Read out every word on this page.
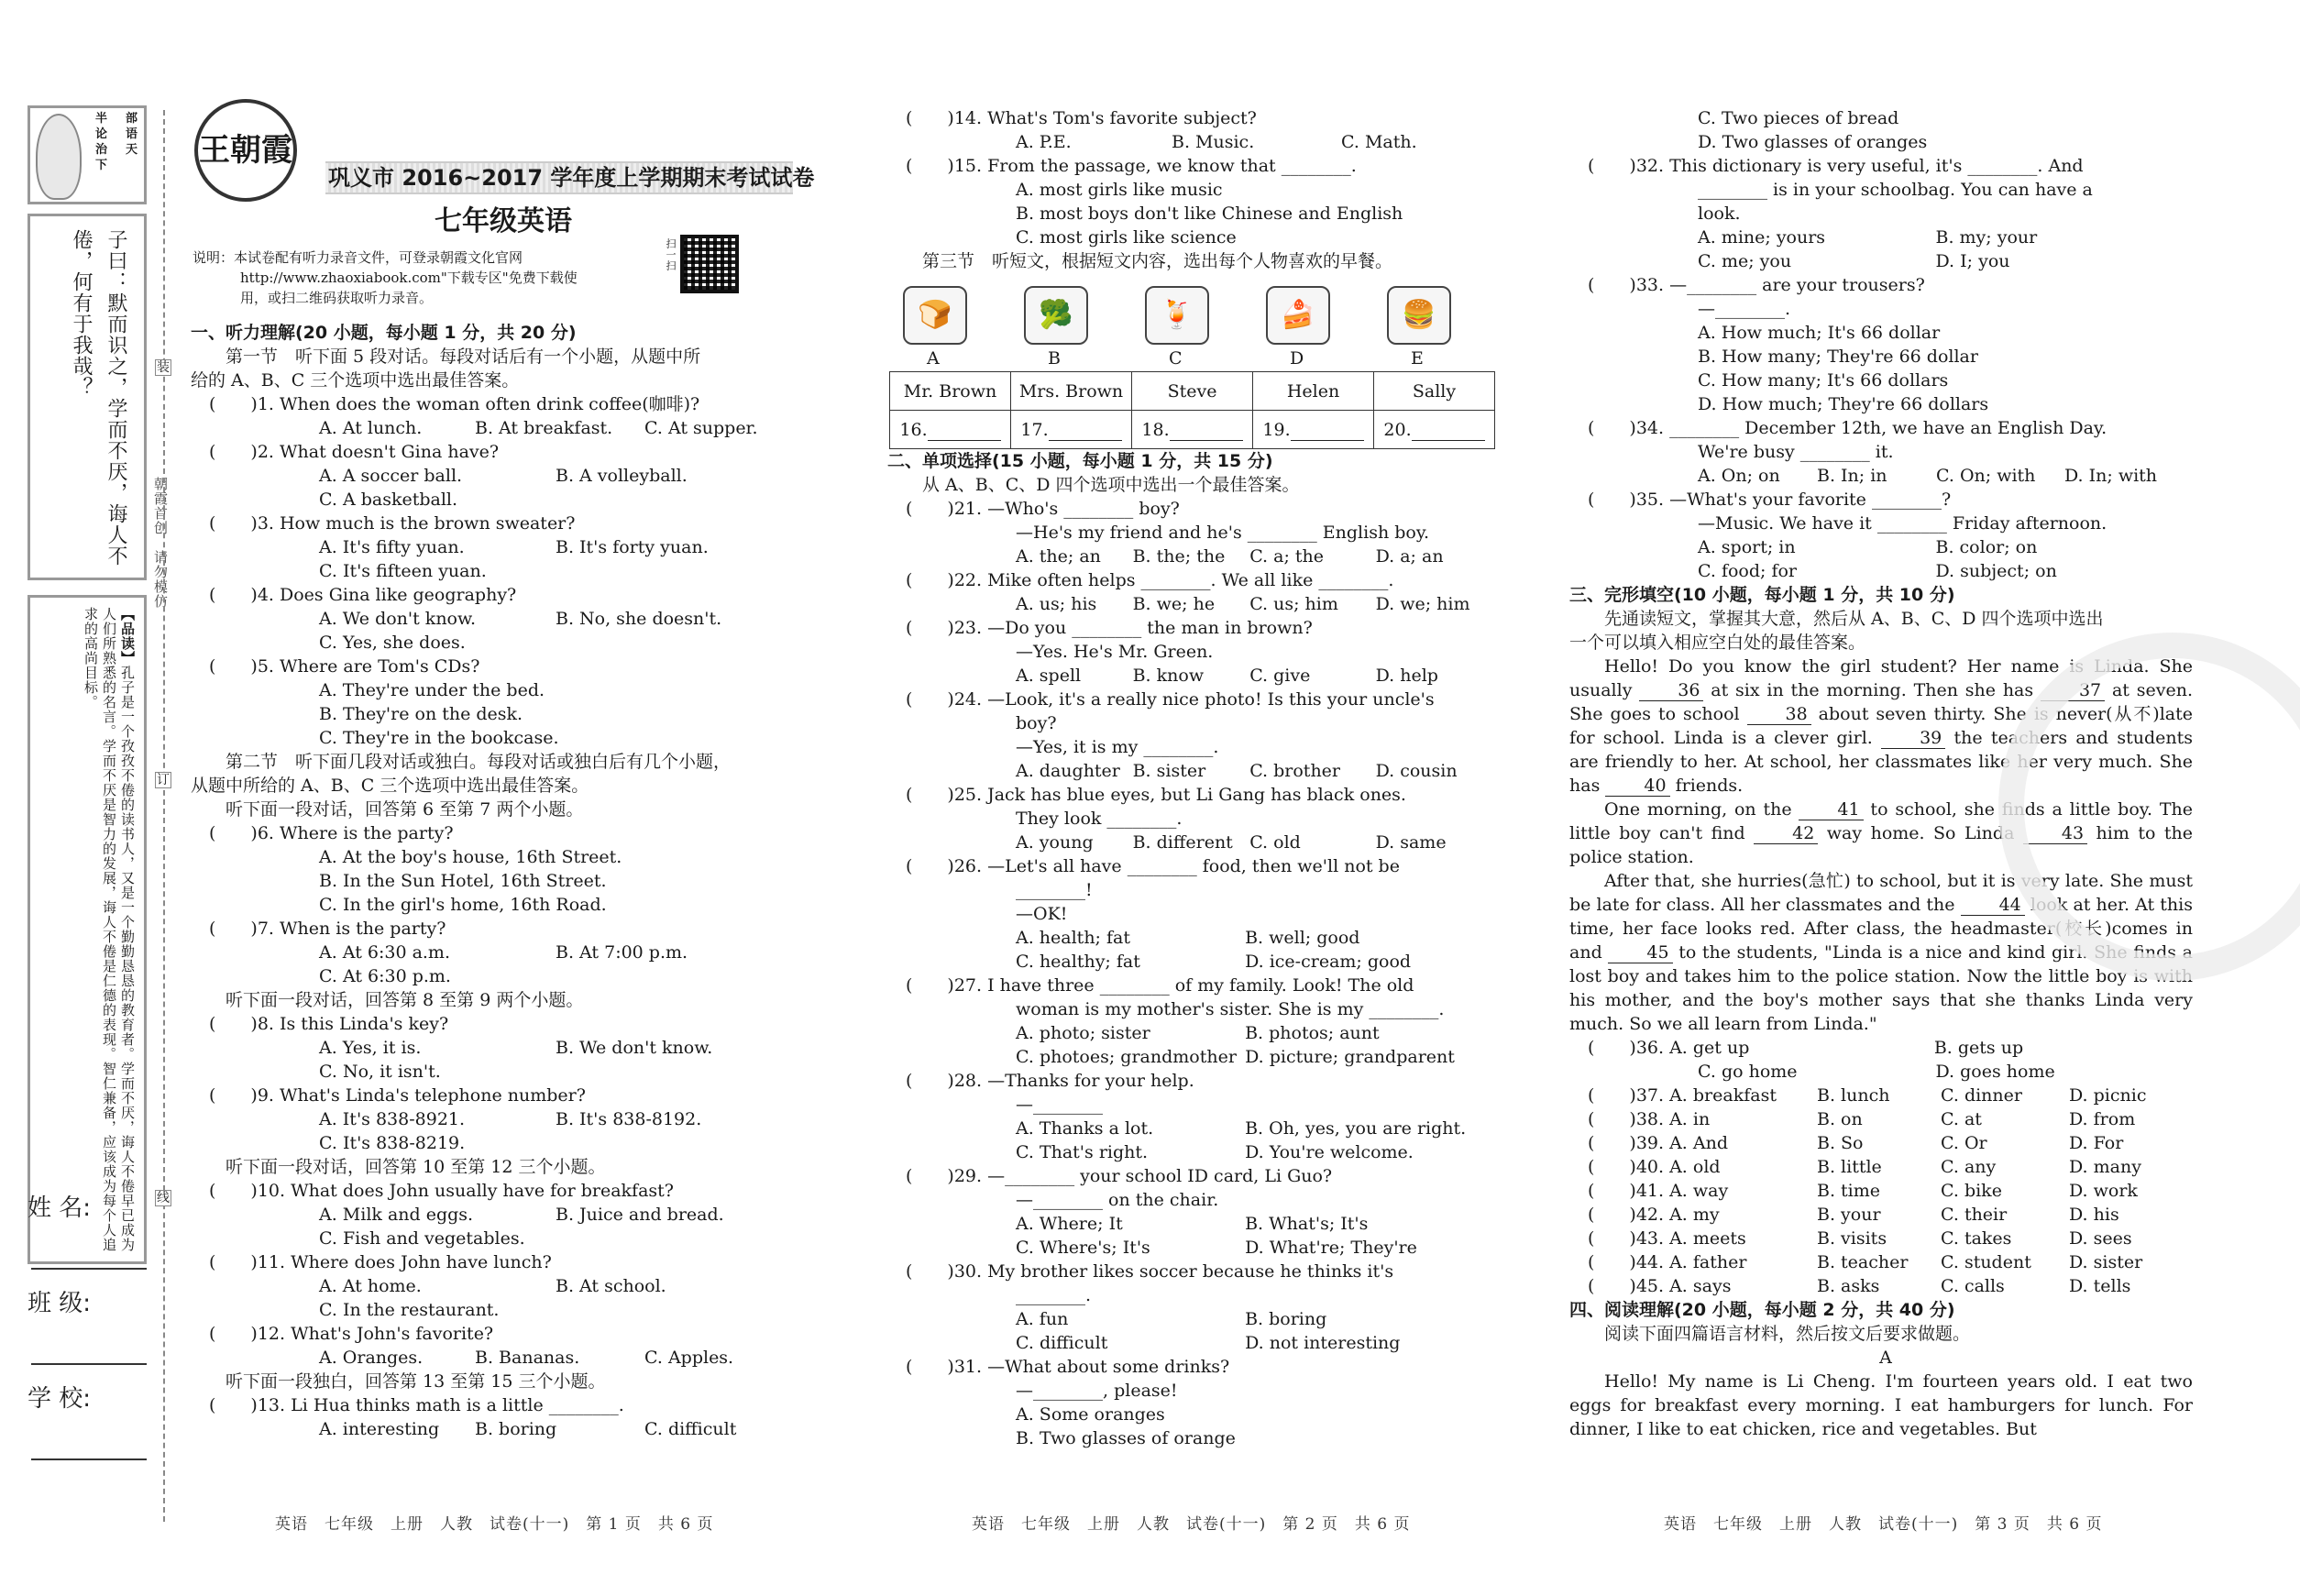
半	部
论	语
治	天
下
子曰：默而识之，学而不厌，诲人不倦，何有于我哉？
【品读】孔子是一个孜孜不倦的读书人，又是一个勤勤恳恳的教育者。学而不厌，诲人不倦早已成为人们所熟悉的名言。学而不厌是智力的发展，诲人不倦是仁德的表现。智仁兼备，应该成为每个人追求的高尚目标。
姓 名:
班 级:
学 校:
朝霞首创　请勿模仿
装
订
线
王朝霞
巩义市 2016~2017 学年度上学期期末考试试卷
七年级英语
说明：本试卷配有听力录音文件，可登录朝霞文化官网
http://www.zhaoxiabook.com"下载专区"免费下载使
用，或扫二维码获取听力录音。
扫一扫
一、听力理解(20 小题，每小题 1 分，共 20 分)
第一节　听下面 5 段对话。每段对话后有一个小题，从题中所
给的 A、B、C 三个选项中选出最佳答案。
(　　)1. When does the woman often drink coffee(咖啡)?
A. At lunch.	B. At breakfast.	C. At supper.
(　　)2. What doesn't Gina have?
A. A soccer ball.	B. A volleyball.
C. A basketball.
(　　)3. How much is the brown sweater?
A. It's fifty yuan.	B. It's forty yuan.
C. It's fifteen yuan.
(　　)4. Does Gina like geography?
A. We don't know.	B. No, she doesn't.
C. Yes, she does.
(　　)5. Where are Tom's CDs?
A. They're under the bed.
B. They're on the desk.
C. They're in the bookcase.
第二节　听下面几段对话或独白。每段对话或独白后有几个小题，
从题中所给的 A、B、C 三个选项中选出最佳答案。
听下面一段对话，回答第 6 至第 7 两个小题。
(　　)6. Where is the party?
A. At the boy's house, 16th Street.
B. In the Sun Hotel, 16th Street.
C. In the girl's home, 16th Road.
(　　)7. When is the party?
A. At 6:30 a.m.	B. At 7:00 p.m.
C. At 6:30 p.m.
听下面一段对话，回答第 8 至第 9 两个小题。
(　　)8. Is this Linda's key?
A. Yes, it is.	B. We don't know.
C. No, it isn't.
(　　)9. What's Linda's telephone number?
A. It's 838-8921.	B. It's 838-8192.
C. It's 838-8219.
听下面一段对话，回答第 10 至第 12 三个小题。
(　　)10. What does John usually have for breakfast?
A. Milk and eggs.	B. Juice and bread.
C. Fish and vegetables.
(　　)11. Where does John have lunch?
A. At home.	B. At school.
C. In the restaurant.
(　　)12. What's John's favorite?
A. Oranges.	B. Bananas.	C. Apples.
听下面一段独白，回答第 13 至第 15 三个小题。
(　　)13. Li Hua thinks math is a little ________.
A. interesting	B. boring	C. difficult
(　　)14. What's Tom's favorite subject?
A. P.E.	B. Music.	C. Math.
(　　)15. From the passage, we know that ________.
A. most girls like music
B. most boys don't like Chinese and English
C. most girls like science
第三节　听短文，根据短文内容，选出每个人物喜欢的早餐。
🍞
A
🥦
B
🍹
C
🍰
D
🍔
E
Mr. Brown	Mrs. Brown	Steve	Helen	Sally
16.	17.	18.	19.	20.
二、单项选择(15 小题，每小题 1 分，共 15 分)
从 A、B、C、D 四个选项中选出一个最佳答案。
(　　)21. —Who's ________ boy?
—He's my friend and he's ________ English boy.
A. the; an	B. the; the	C. a; the	D. a; an
(　　)22. Mike often helps ________. We all like ________.
A. us; his	B. we; he	C. us; him	D. we; him
(　　)23. —Do you ________ the man in brown?
—Yes. He's Mr. Green.
A. spell	B. know	C. give	D. help
(　　)24. —Look, it's a really nice photo! Is this your uncle's
boy?
—Yes, it is my ________.
A. daughter B. sister	C. brother	D. cousin
(　　)25. Jack has blue eyes, but Li Gang has black ones.
They look ________.
A. young	B. different C. old	D. same
(　　)26. —Let's all have ________ food, then we'll not be
________!
—OK!
A. health; fat	B. well; good
C. healthy; fat	D. ice-cream; good
(　　)27. I have three ________ of my family. Look! The old
woman is my mother's sister. She is my ________.
A. photo; sister	B. photos; aunt
C. photoes; grandmother D. picture; grandparent
(　　)28. —Thanks for your help.
—________
A. Thanks a lot.	B. Oh, yes, you are right.
C. That's right.	D. You're welcome.
(　　)29. —________ your school ID card, Li Guo?
—________ on the chair.
A. Where; It	B. What's; It's
C. Where's; It's	D. What're; They're
(　　)30. My brother likes soccer because he thinks it's
________.
A. fun	B. boring
C. difficult	D. not interesting
(　　)31. —What about some drinks?
—________, please!
A. Some oranges
B. Two glasses of orange
C. Two pieces of bread
D. Two glasses of oranges
(　　)32. This dictionary is very useful, it's ________. And
________ is in your schoolbag. You can have a
look.
A. mine; yours	B. my; your
C. me; you	D. I; you
(　　)33. —________ are your trousers?
—________.
A. How much; It's 66 dollar
B. How many; They're 66 dollar
C. How many; It's 66 dollars
D. How much; They're 66 dollars
(　　)34. ________ December 12th, we have an English Day.
We're busy ________ it.
A. On; on	B. In; in	C. On; with	D. In; with
(　　)35. —What's your favorite ________?
—Music. We have it ________ Friday afternoon.
A. sport; in	B. color; on
C. food; for	D. subject; on
三、完形填空(10 小题，每小题 1 分，共 10 分)
先通读短文，掌握其大意，然后从 A、B、C、D 四个选项中选出
一个可以填入相应空白处的最佳答案。

Hello! Do you know the girl student? Her name is Linda. She usually 36 at six in the morning. Then she has 37 at seven. She goes to school 38 about seven thirty. She is never(从不)late for school. Linda is a clever girl. 39 the teachers and students are friendly to her. At school, her classmates like her very much. She has 40 friends.

One morning, on the 41 to school, she finds a little boy. The little boy can't find 42 way home. So Linda 43 him to the police station.

After that, she hurries(急忙) to school, but it is very late. She must be late for class. All her classmates and the 44 look at her. At this time, her face looks red. After class, the headmaster(校长)comes in and 45 to the students, "Linda is a nice and kind girl. She finds a lost boy and takes him to the police station. Now the little boy is with his mother, and the boy's mother says that she thanks Linda very much. So we all learn from Linda."

(　　)36. A. get up	B. gets up
C. go home	D. goes home
(　　)37. A. breakfast	B. lunch	C. dinner	D. picnic
(　　)38. A. in	B. on	C. at	D. from
(　　)39. A. And	B. So	C. Or	D. For
(　　)40. A. old	B. little	C. any	D. many
(　　)41. A. way	B. time	C. bike	D. work
(　　)42. A. my	B. your	C. their	D. his
(　　)43. A. meets	B. visits	C. takes	D. sees
(　　)44. A. father	B. teacher	C. student	D. sister
(　　)45. A. says	B. asks	C. calls	D. tells
四、阅读理解(20 小题，每小题 2 分，共 40 分)
阅读下面四篇语言材料，然后按文后要求做题。
A
Hello! My name is Li Cheng. I'm fourteen years old. I eat two eggs for breakfast every morning. I eat hamburgers for lunch. For dinner, I like to eat chicken, rice and vegetables. But
英语　七年级　上册　人教　试卷(十一)　第 1 页　共 6 页	英语　七年级　上册　人教　试卷(十一)　第 2 页　共 6 页	英语　七年级　上册　人教　试卷(十一)　第 3 页　共 6 页
